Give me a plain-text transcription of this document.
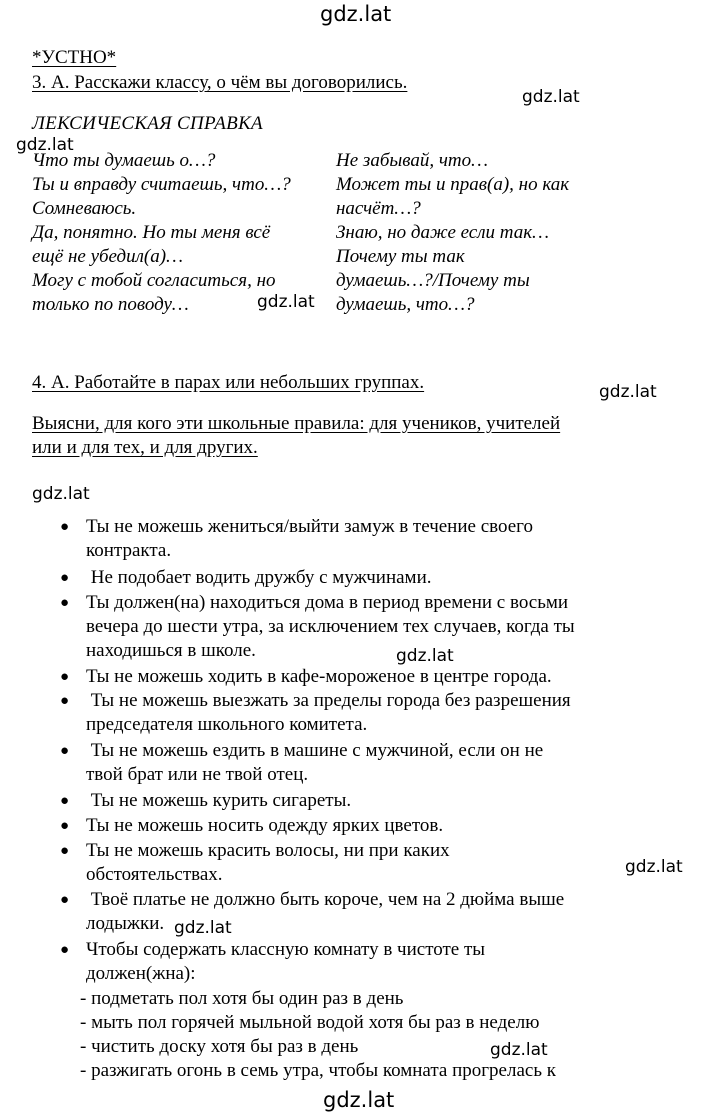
gdz.lat
gdz.lat
gdz.lat
gdz.lat
gdz.lat
gdz.lat
gdz.lat
gdz.lat
gdz.lat
gdz.lat
gdz.lat
*УСТНО*
3. А. Расскажи классу, о чём вы договорились.
ЛЕКСИЧЕСКАЯ СПРАВКА
Что ты думаешь о…?
Ты и вправду считаешь, что…?
Сомневаюсь.
Да, понятно. Но ты меня всё
ещё не убедил(а)…
Могу с тобой согласиться, но
только по поводу…
Не забывай, что…
Может ты и прав(а), но как
насчёт…?
Знаю, но даже если так…
Почему ты так
думаешь…?/Почему ты
думаешь, что…?
4. А. Работайте в парах или небольших группах.
Выясни, для кого эти школьные правила: для учеников, учителей
или и для тех, и для других.
● Ты не можешь жениться/выйти замуж в течение своего
контракта.
● Не подобает водить дружбу с мужчинами.
● Ты должен(на) находиться дома в период времени с восьми
вечера до шести утра, за исключением тех случаев, когда ты
находишься в школе.
● Ты не можешь ходить в кафе-мороженое в центре города.
● Ты не можешь выезжать за пределы города без разрешения
председателя школьного комитета.
● Ты не можешь ездить в машине с мужчиной, если он не
твой брат или не твой отец.
● Ты не можешь курить сигареты.
● Ты не можешь носить одежду ярких цветов.
● Ты не можешь красить волосы, ни при каких
обстоятельствах.
● Твоё платье не должно быть короче, чем на 2 дюйма выше
лодыжки.
● Чтобы содержать классную комнату в чистоте ты
должен(жна):
- подметать пол хотя бы один раз в день
- мыть пол горячей мыльной водой хотя бы раз в неделю
- чистить доску хотя бы раз в день
- разжигать огонь в семь утра, чтобы комната прогрелась к
